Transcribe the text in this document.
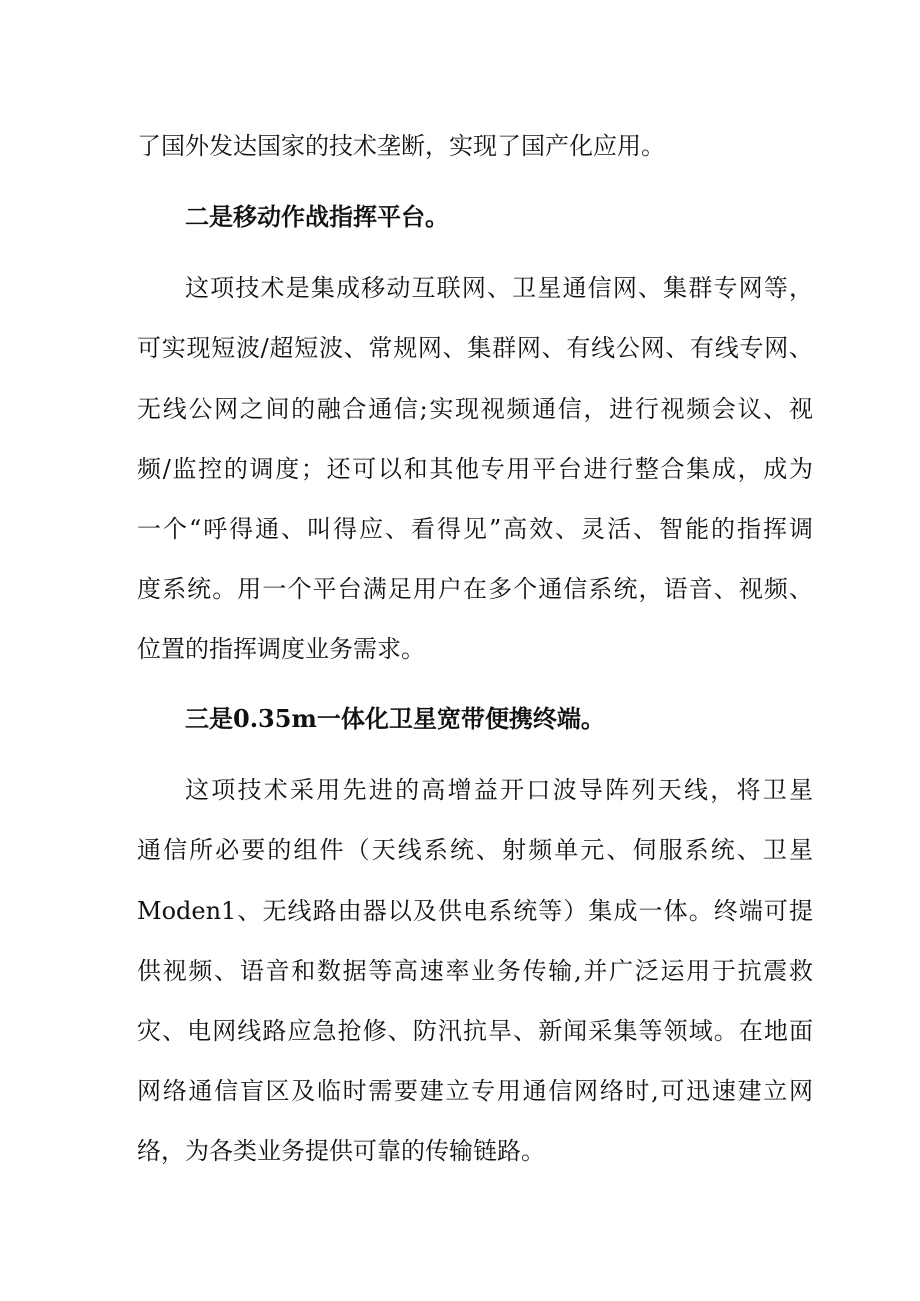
了国外发达国家的技术垄断，实现了国产化应用。
二是移动作战指挥平台。
这项技术是集成移动互联网、卫星通信网、集群专网等，
可实现短波/超短波、常规网、集群网、有线公网、有线专网、
无线公网之间的融合通信;实现视频通信，进行视频会议、视
频/监控的调度；还可以和其他专用平台进行整合集成，成为
一个“呼得通、叫得应、看得见”高效、灵活、智能的指挥调
度系统。用一个平台满足用户在多个通信系统，语音、视频、
位置的指挥调度业务需求。
三是0.35m一体化卫星宽带便携终端。
这项技术采用先进的高增益开口波导阵列天线，将卫星
通信所必要的组件（天线系统、射频单元、伺服系统、卫星
Moden1、无线路由器以及供电系统等）集成一体。终端可提
供视频、语音和数据等高速率业务传输,并广泛运用于抗震救
灾、电网线路应急抢修、防汛抗旱、新闻采集等领域。在地面
网络通信盲区及临时需要建立专用通信网络时,可迅速建立网
络，为各类业务提供可靠的传输链路。
